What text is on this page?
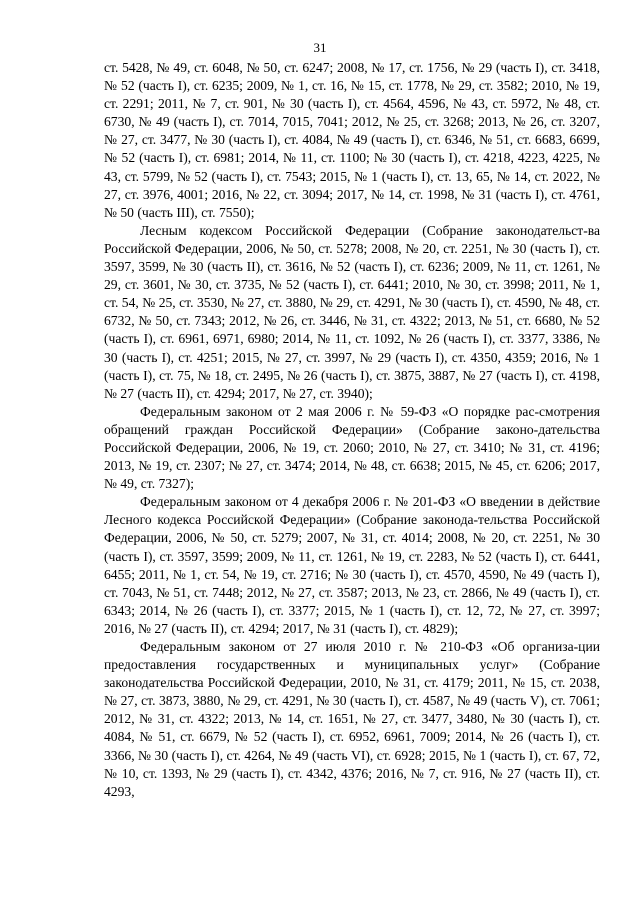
31

ст. 5428, № 49, ст. 6048, № 50, ст. 6247; 2008, № 17, ст. 1756, № 29 (часть I), ст. 3418, № 52 (часть I), ст. 6235; 2009, № 1, ст. 16, № 15, ст. 1778, № 29, ст. 3582; 2010, № 19, ст. 2291; 2011, № 7, ст. 901, № 30 (часть I), ст. 4564, 4596, № 43, ст. 5972, № 48, ст. 6730, № 49 (часть I), ст. 7014, 7015, 7041; 2012, № 25, ст. 3268; 2013, № 26, ст. 3207, № 27, ст. 3477, № 30 (часть I), ст. 4084, № 49 (часть I), ст. 6346, № 51, ст. 6683, 6699, № 52 (часть I), ст. 6981; 2014, № 11, ст. 1100; № 30 (часть I), ст. 4218, 4223, 4225, № 43, ст. 5799, № 52 (часть I), ст. 7543; 2015, № 1 (часть I), ст. 13, 65, № 14, ст. 2022, № 27, ст. 3976, 4001; 2016, № 22, ст. 3094; 2017, № 14, ст. 1998, № 31 (часть I), ст. 4761, № 50 (часть III), ст. 7550);

Лесным кодексом Российской Федерации (Собрание законодательст-ва Российской Федерации, 2006, № 50, ст. 5278; 2008, № 20, ст. 2251, № 30 (часть I), ст. 3597, 3599, № 30 (часть II), ст. 3616, № 52 (часть I), ст. 6236; 2009, № 11, ст. 1261, № 29, ст. 3601, № 30, ст. 3735, № 52 (часть I), ст. 6441; 2010, № 30, ст. 3998; 2011, № 1, ст. 54, № 25, ст. 3530, № 27, ст. 3880, № 29, ст. 4291, № 30 (часть I), ст. 4590, № 48, ст. 6732, № 50, ст. 7343; 2012, № 26, ст. 3446, № 31, ст. 4322; 2013, № 51, ст. 6680, № 52 (часть I), ст. 6961, 6971, 6980; 2014, № 11, ст. 1092, № 26 (часть I), ст. 3377, 3386, № 30 (часть I), ст. 4251; 2015, № 27, ст. 3997, № 29 (часть I), ст. 4350, 4359; 2016, № 1 (часть I), ст. 75, № 18, ст. 2495, № 26 (часть I), ст. 3875, 3887, № 27 (часть I), ст. 4198, № 27 (часть II), ст. 4294; 2017, № 27, ст. 3940);

Федеральным законом от 2 мая 2006 г. № 59-ФЗ «О порядке рас-смотрения обращений граждан Российской Федерации» (Собрание законо-дательства Российской Федерации, 2006, № 19, ст. 2060; 2010, № 27, ст. 3410; № 31, ст. 4196; 2013, № 19, ст. 2307; № 27, ст. 3474; 2014, № 48, ст. 6638; 2015, № 45, ст. 6206; 2017, № 49, ст. 7327);

Федеральным законом от 4 декабря 2006 г. № 201-ФЗ «О введении в действие Лесного кодекса Российской Федерации» (Собрание законода-тельства Российской Федерации, 2006, № 50, ст. 5279; 2007, № 31, ст. 4014; 2008, № 20, ст. 2251, № 30 (часть I), ст. 3597, 3599; 2009, № 11, ст. 1261, № 19, ст. 2283, № 52 (часть I), ст. 6441, 6455; 2011, № 1, ст. 54, № 19, ст. 2716; № 30 (часть I), ст. 4570, 4590, № 49 (часть I), ст. 7043, № 51, ст. 7448; 2012, № 27, ст. 3587; 2013, № 23, ст. 2866, № 49 (часть I), ст. 6343; 2014, № 26 (часть I), ст. 3377; 2015, № 1 (часть I), ст. 12, 72, № 27, ст. 3997; 2016, № 27 (часть II), ст. 4294; 2017, № 31 (часть I), ст. 4829);

Федеральным законом от 27 июля 2010 г. № 210-ФЗ «Об организа-ции предоставления государственных и муниципальных услуг» (Собрание законодательства Российской Федерации, 2010, № 31, ст. 4179; 2011, № 15, ст. 2038, № 27, ст. 3873, 3880, № 29, ст. 4291, № 30 (часть I), ст. 4587, № 49 (часть V), ст. 7061; 2012, № 31, ст. 4322; 2013, № 14, ст. 1651, № 27, ст. 3477, 3480, № 30 (часть I), ст. 4084, № 51, ст. 6679, № 52 (часть I), ст. 6952, 6961, 7009; 2014, № 26 (часть I), ст. 3366, № 30 (часть I), ст. 4264, № 49 (часть VI), ст. 6928; 2015, № 1 (часть I), ст. 67, 72, № 10, ст. 1393, № 29 (часть I), ст. 4342, 4376; 2016, № 7, ст. 916, № 27 (часть II), ст. 4293,
